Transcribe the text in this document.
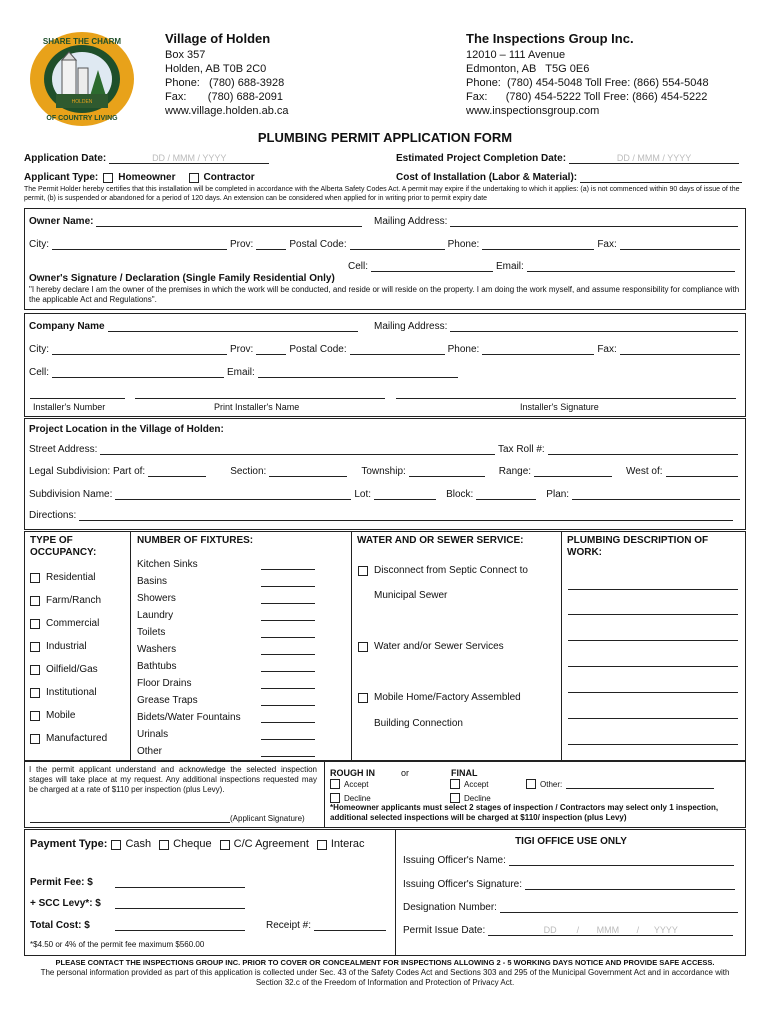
SHARE THE CHARM
HOLDEN
OF COUNTRY LIVING
Village of Holden
Box 357
Holden, AB T0B 2C0
Phone:   (780) 688-3928
Fax:       (780) 688-2091
www.village.holden.ab.ca
The Inspections Group Inc.
12010 – 111 Avenue
Edmonton, AB   T5G 0E6
Phone:  (780) 454-5048 Toll Free: (866) 554-5048
Fax:      (780) 454-5222 Toll Free: (866) 454-5222
www.inspectionsgroup.com
PLUMBING PERMIT APPLICATION FORM
Application Date:	DD / MMM / YYYY	Estimated Project Completion Date:	DD / MMM / YYYY
Applicant Type: Homeowner	Contractor	Cost of Installation (Labor & Material):
The Permit Holder hereby certifies that this installation will be completed in accordance with the Alberta Safety Codes Act. A permit may expire if the undertaking to which it applies: (a) is not commenced within 90 days of issue of the permit, (b) is suspended or abandoned for a period of 120 days. An extension can be considered when applied for in writing prior to permit expiry date
Owner Name:	Mailing Address:
City:	Prov:	Postal Code:	Phone:	Fax:
Cell:	Email:
Owner's Signature / Declaration (Single Family Residential Only)
"I hereby declare I am the owner of the premises in which the work will be conducted, and reside or will reside on the property. I am doing the work myself, and assume responsibility for compliance with the applicable Act and Regulations".
Company Name	Mailing Address:
City:	Prov:	Postal Code:	Phone:	Fax:
Cell:	Email:
Installer's Number	Print Installer's Name	Installer's Signature
Project Location in the Village of Holden:
Street Address:	Tax Roll #:
Legal Subdivision: Part of:	Section:	Township:	Range:	West of:
Subdivision Name:	Lot:	Block:	Plan:
Directions:
TYPE OF OCCUPANCY:
Residential
Farm/Ranch
Commercial
Industrial
Oilfield/Gas
Institutional
Mobile
Manufactured
NUMBER OF FIXTURES:
Kitchen Sinks
Basins
Showers
Laundry
Toilets
Washers
Bathtubs
Floor Drains
Grease Traps
Bidets/Water Fountains
Urinals
Other
WATER AND OR SEWER SERVICE:
Disconnect from Septic Connect to
Municipal Sewer
Water and/or Sewer Services
Mobile Home/Factory Assembled
Building Connection
PLUMBING DESCRIPTION OF WORK:
I the permit applicant understand and acknowledge the selected inspection stages will take place at my request. Any additional inspections requested may be charged at a rate of $110 per inspection (plus Levy).
(Applicant Signature)
ROUGH IN	or	FINAL
Accept	Accept	Other:
Decline	Decline
*Homeowner applicants must select 2 stages of inspection / Contractors may select only 1 inspection, additional selected inspections will be charged at $110/ inspection (plus Levy)
Payment Type: Cash Cheque C/C Agreement Interac
Permit Fee: $
+ SCC Levy*: $
Total Cost: $	Receipt #:
*$4.50 or 4% of the permit fee maximum $560.00
TIGI OFFICE USE ONLY
Issuing Officer's Name:
Issuing Officer's Signature:
Designation Number:
Permit Issue Date:	DD        /       MMM       /      YYYY
PLEASE CONTACT THE INSPECTIONS GROUP INC. PRIOR TO COVER OR CONCEALMENT FOR INSPECTIONS ALLOWING 2 - 5 WORKING DAYS NOTICE AND PROVIDE SAFE ACCESS.
The personal information provided as part of this application is collected under Sec. 43 of the Safety Codes Act and Sections 303 and 295 of the Municipal Government Act and in accordance with Section 32.c of the Freedom of Information and Protection of Privacy Act.
